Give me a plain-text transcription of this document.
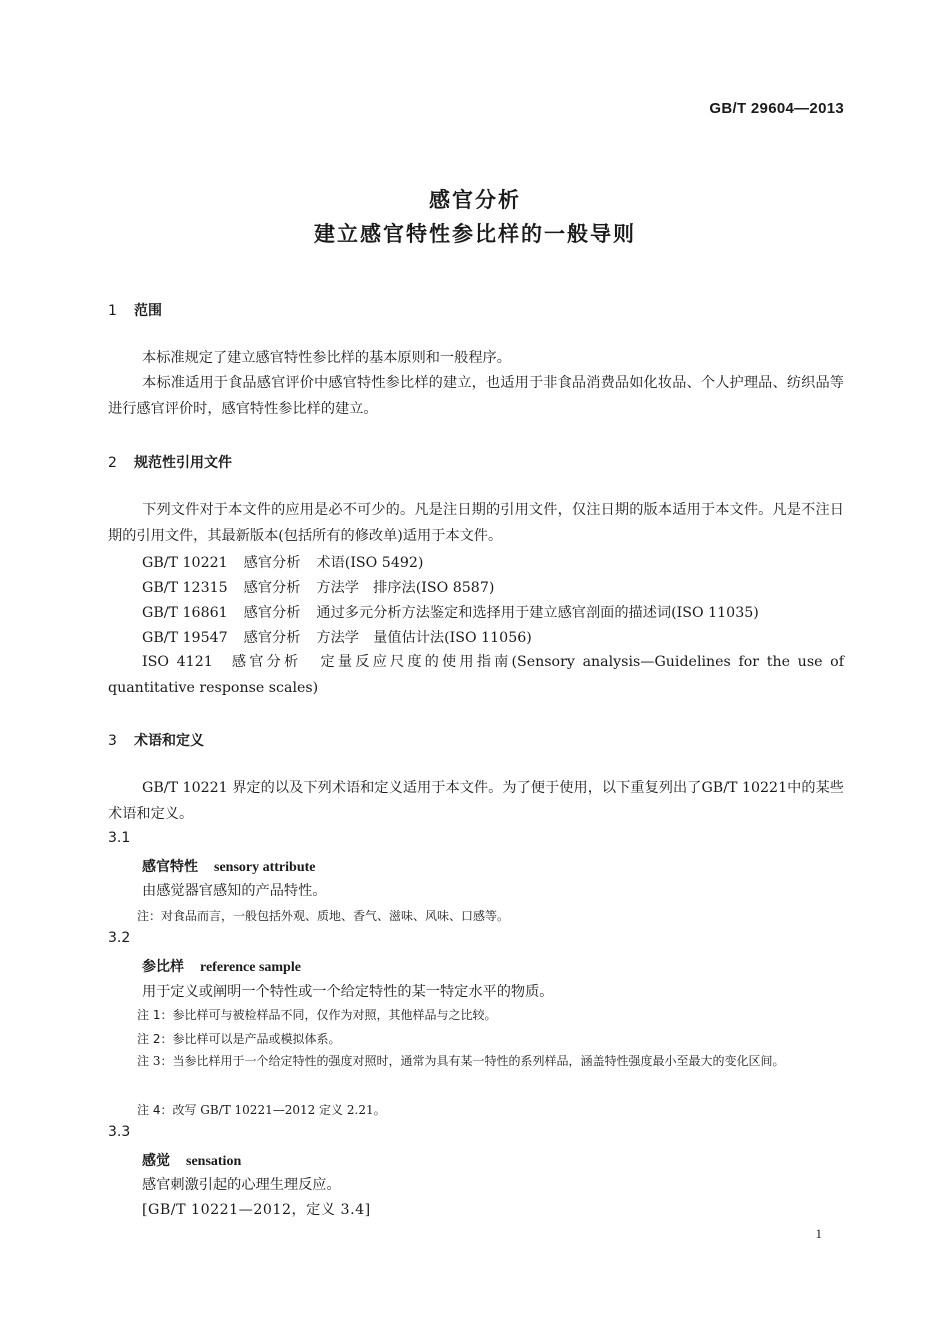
GB/T 29604—2013
感官分析
建立感官特性参比样的一般导则
1 范围
本标准规定了建立感官特性参比样的基本原则和一般程序。
本标准适用于食品感官评价中感官特性参比样的建立，也适用于非食品消费品如化妆品、个人护理品、纺织品等进行感官评价时，感官特性参比样的建立。
2 规范性引用文件
下列文件对于本文件的应用是必不可少的。凡是注日期的引用文件，仅注日期的版本适用于本文件。凡是不注日期的引用文件，其最新版本(包括所有的修改单)适用于本文件。
GB/T 10221 感官分析 术语(ISO 5492)
GB/T 12315 感官分析 方法学　排序法(ISO 8587)
GB/T 16861 感官分析 通过多元分析方法鉴定和选择用于建立感官剖面的描述词(ISO 11035)
GB/T 19547 感官分析 方法学　量值估计法(ISO 11056)
ISO 4121 感官分析 定量反应尺度的使用指南(Sensory analysis—Guidelines for the use of quantitative response scales)
3 术语和定义
GB/T 10221 界定的以及下列术语和定义适用于本文件。为了便于使用，以下重复列出了GB/T 10221中的某些术语和定义。
3.1
感官特性 sensory attribute
由感觉器官感知的产品特性。
注：对食品而言，一般包括外观、质地、香气、滋味、风味、口感等。
3.2
参比样 reference sample
用于定义或阐明一个特性或一个给定特性的某一特定水平的物质。
注 1：参比样可与被检样品不同，仅作为对照，其他样品与之比较。
注 2：参比样可以是产品或模拟体系。
注 3：当参比样用于一个给定特性的强度对照时，通常为具有某一特性的系列样品，涵盖特性强度最小至最大的变化区间。
注 4：改写 GB/T 10221—2012 定义 2.21。
3.3
感觉 sensation
感官刺激引起的心理生理反应。
[GB/T 10221—2012，定义 3.4]
1
